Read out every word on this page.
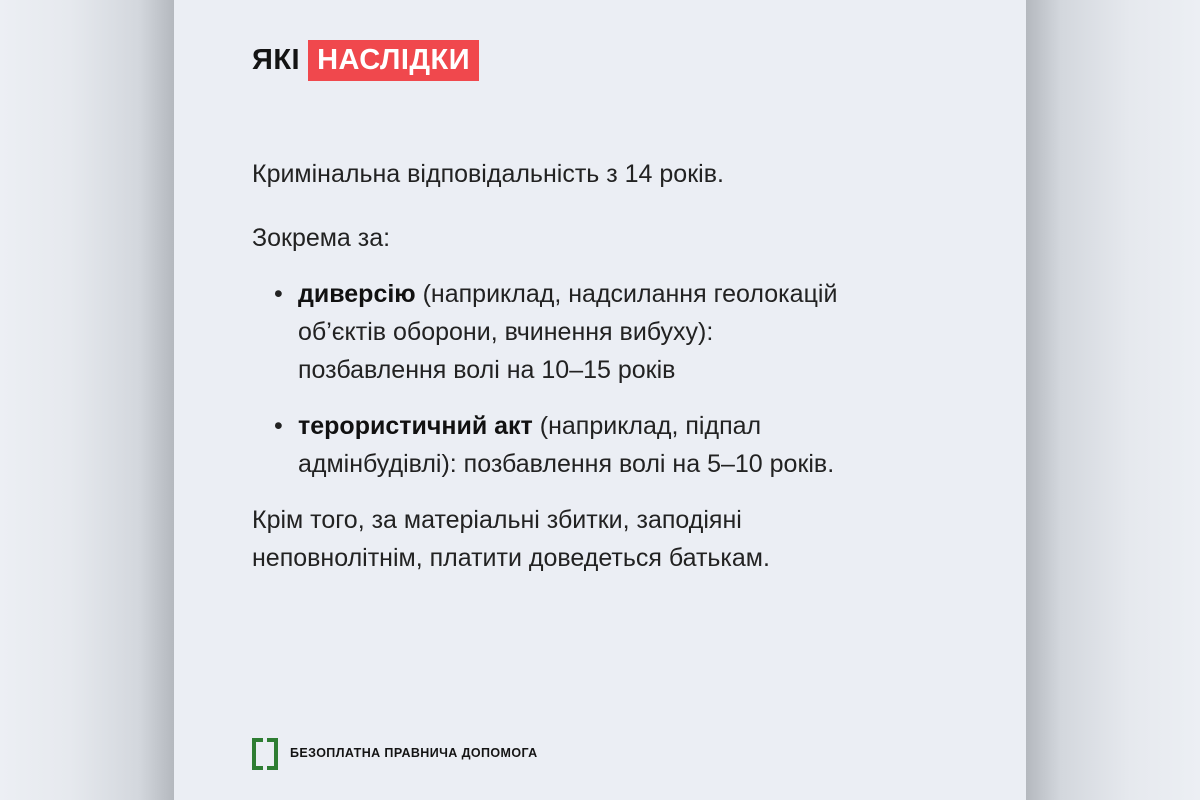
ЯКІ НАСЛІДКИ

Кримінальна відповідальність з 14 років.

Зокрема за:

• диверсію (наприклад, надсилання геолокацій
об’єктів оборони, вчинення вибуху):
позбавлення волі на 10–15 років
• терористичний акт (наприклад, підпал
адмінбудівлі): позбавлення волі на 5–10 років.

Крім того, за матеріальні збитки, заподіяні
неповнолітнім, платити доведеться батькам.

БЕЗОПЛАТНА ПРАВНИЧА ДОПОМОГА
